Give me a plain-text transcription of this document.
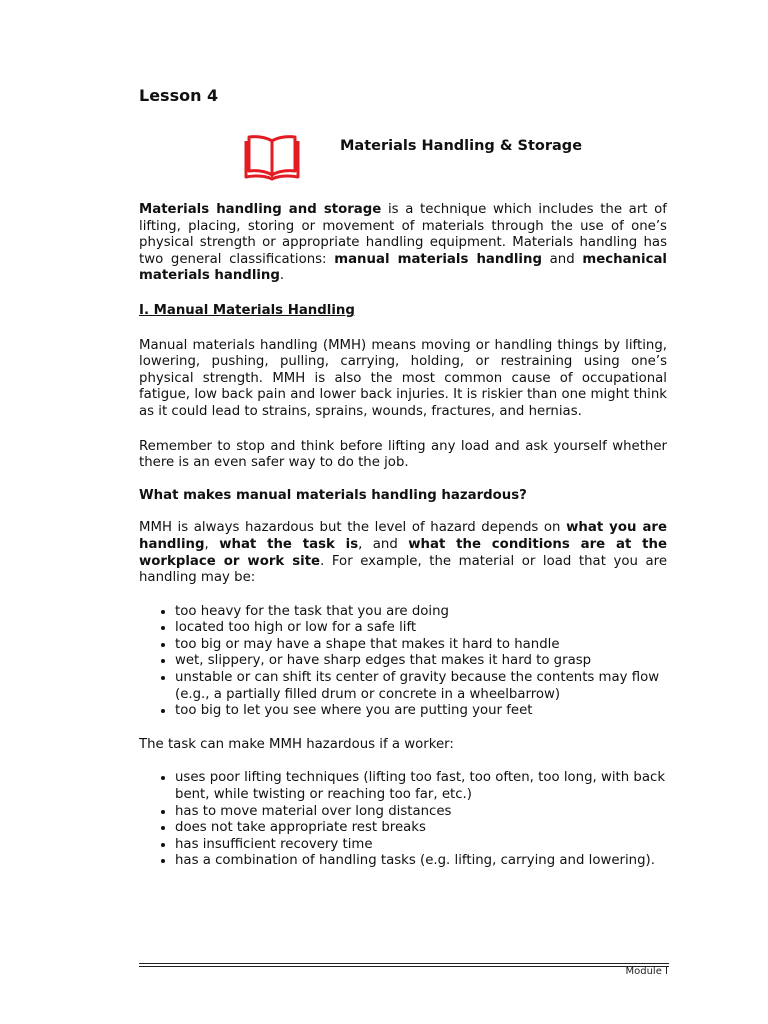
Lesson 4
Materials Handling & Storage

Materials handling and storage is a technique which includes the art of lifting, placing, storing or movement of materials through the use of one’s physical strength or appropriate handling equipment. Materials handling has two general classifications: manual materials handling and mechanical materials handling.

I. Manual Materials Handling

Manual materials handling (MMH) means moving or handling things by lifting, lowering, pushing, pulling, carrying, holding, or restraining using one’s physical strength. MMH is also the most common cause of occupational fatigue, low back pain and lower back injuries. It is riskier than one might think as it could lead to strains, sprains, wounds, fractures, and hernias.

Remember to stop and think before lifting any load and ask yourself whether there is an even safer way to do the job.

What makes manual materials handling hazardous?

MMH is always hazardous but the level of hazard depends on what you are handling, what the task is, and what the conditions are at the workplace or work site. For example, the material or load that you are handling may be:

• too heavy for the task that you are doing
• located too high or low for a safe lift
• too big or may have a shape that makes it hard to handle
• wet, slippery, or have sharp edges that makes it hard to grasp
• unstable or can shift its center of gravity because the contents may flow (e.g., a partially filled drum or concrete in a wheelbarrow)
• too big to let you see where you are putting your feet

The task can make MMH hazardous if a worker:

• uses poor lifting techniques (lifting too fast, too often, too long, with back bent, while twisting or reaching too far, etc.)
• has to move material over long distances
• does not take appropriate rest breaks
• has insufficient recovery time
• has a combination of handling tasks (e.g. lifting, carrying and lowering).
Module I
